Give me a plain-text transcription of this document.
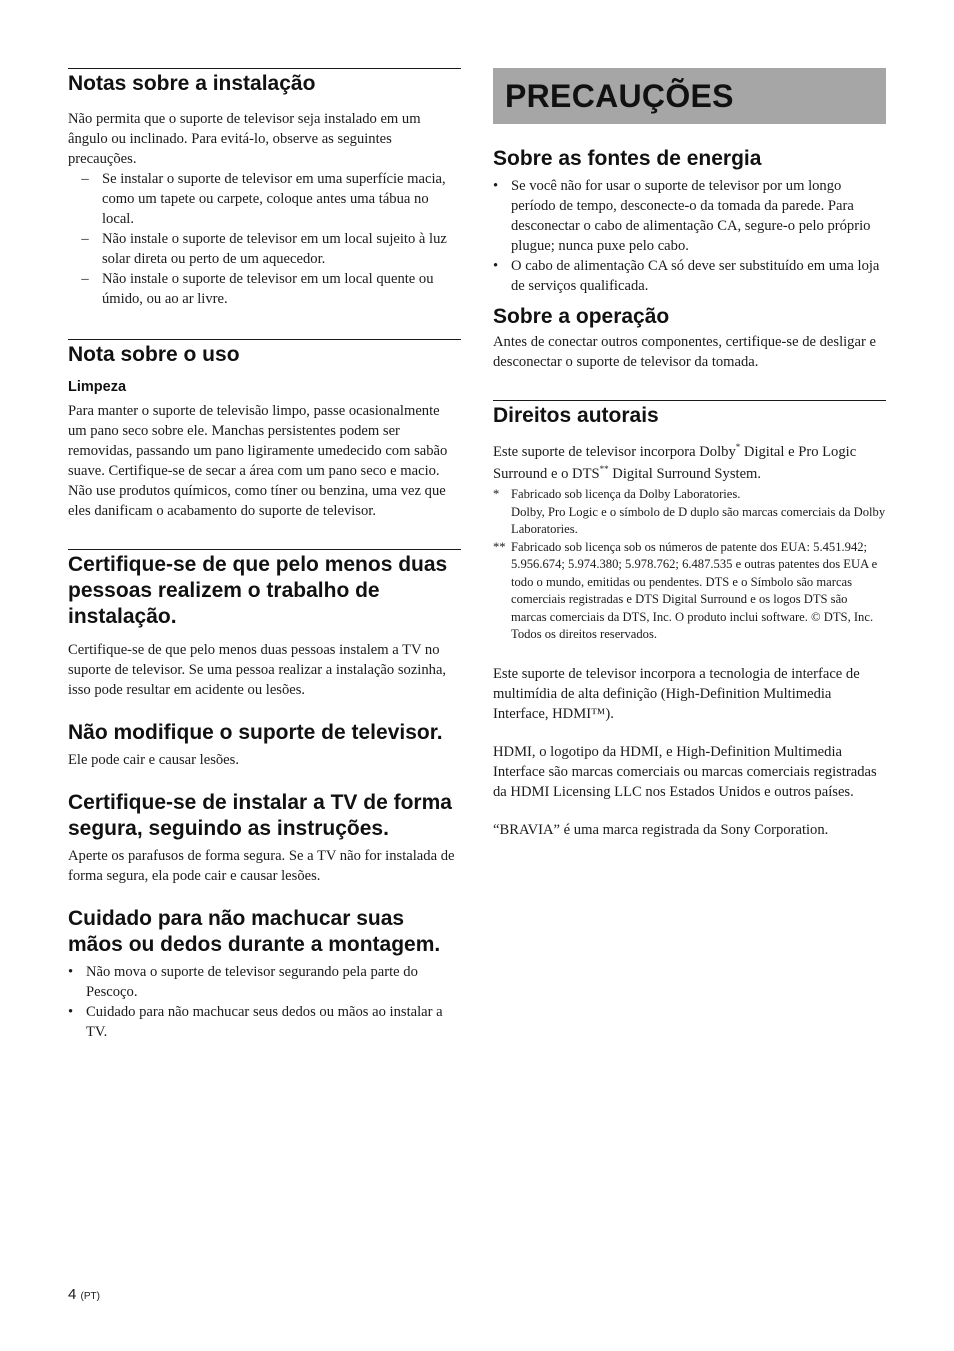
Notas sobre a instalação

Não permita que o suporte de televisor seja instalado em um ângulo ou inclinado. Para evitá-lo, observe as seguintes precauções.

– Se instalar o suporte de televisor em uma superfície macia, como um tapete ou carpete, coloque antes uma tábua no local.
– Não instale o suporte de televisor em um local sujeito à luz solar direta ou perto de um aquecedor.
– Não instale o suporte de televisor em um local quente ou úmido, ou ao ar livre.
Nota sobre o uso
Limpeza

Para manter o suporte de televisão limpo, passe ocasionalmente um pano seco sobre ele. Manchas persistentes podem ser removidas, passando um pano ligiramente umedecido com sabão suave. Certifique-se de secar a área com um pano seco e macio. Não use produtos químicos, como tíner ou benzina, uma vez que eles danificam o acabamento do suporte de televisor.

Certifique-se de que pelo menos duas pessoas realizem o trabalho de instalação.

Certifique-se de que pelo menos duas pessoas instalem a TV no suporte de televisor. Se uma pessoa realizar a instalação sozinha, isso pode resultar em acidente ou lesões.

Não modifique o suporte de televisor.

Ele pode cair e causar lesões.

Certifique-se de instalar a TV de forma segura, seguindo as instruções.

Aperte os parafusos de forma segura. Se a TV não for instalada de forma segura, ela pode cair e causar lesões.

Cuidado para não machucar suas mãos ou dedos durante a montagem.
• Não mova o suporte de televisor segurando pela parte do Pescoço.
• Cuidado para não machucar seus dedos ou mãos ao instalar a TV.
PRECAUÇÕES
Sobre as fontes de energia
• Se você não for usar o suporte de televisor por um longo período de tempo, desconecte-o da tomada da parede. Para desconectar o cabo de alimentação CA, segure-o pelo próprio plugue; nunca puxe pelo cabo.
• O cabo de alimentação CA só deve ser substituído em uma loja de serviços qualificada.
Sobre a operação

Antes de conectar outros componentes, certifique-se de desligar e desconectar o suporte de televisor da tomada.

Direitos autorais

Este suporte de televisor incorpora Dolby* Digital e Pro Logic Surround e o DTS** Digital Surround System.

* Fabricado sob licença da Dolby Laboratories.
Dolby, Pro Logic e o símbolo de D duplo são marcas comerciais da Dolby Laboratories.
** Fabricado sob licença sob os números de patente dos EUA: 5.451.942; 5.956.674; 5.974.380; 5.978.762; 6.487.535 e outras patentes dos EUA e todo o mundo, emitidas ou pendentes. DTS e o Símbolo são marcas comerciais registradas e DTS Digital Surround e os logos DTS são marcas comerciais da DTS, Inc. O produto inclui software. © DTS, Inc. Todos os direitos reservados.

Este suporte de televisor incorpora a tecnologia de interface de multimídia de alta definição (High-Definition Multimedia Interface, HDMI™).

HDMI, o logotipo da HDMI, e High-Definition Multimedia Interface são marcas comerciais ou marcas comerciais registradas da HDMI Licensing LLC nos Estados Unidos e outros países.

“BRAVIA” é uma marca registrada da Sony Corporation.

4 (PT)
